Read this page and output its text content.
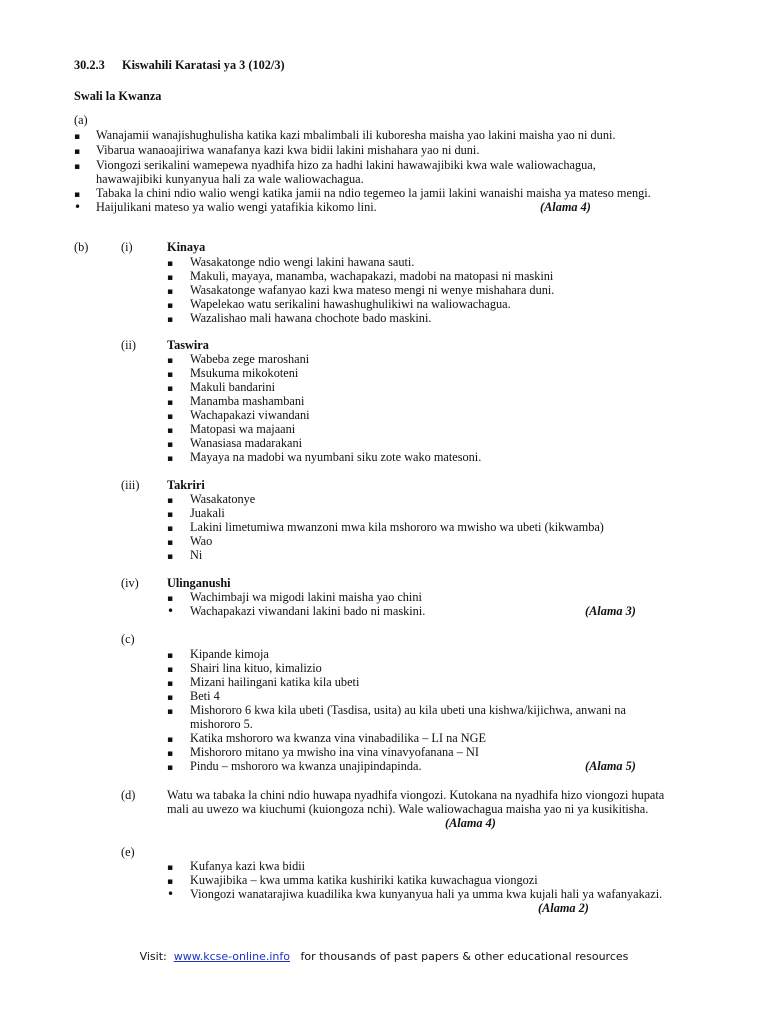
30.2.3 Kiswahili Karatasi ya 3 (102/3)
Swali la Kwanza
(a)
▪
Wanajamii wanajishughulisha katika kazi mbalimbali ili kuboresha maisha yao lakini maisha yao ni duni.
▪
Vibarua wanaoajiriwa wanafanya kazi kwa bidii lakini mishahara yao ni duni.
▪
Viongozi serikalini wamepewa nyadhifa hizo za hadhi lakini hawawajibiki kwa wale waliowachagua,
hawawajibiki kunyanyua hali za wale waliowachagua.
▪
Tabaka la chini ndio walio wengi katika jamii na ndio tegemeo la jamii lakini wanaishi maisha ya mateso mengi.
•
Haijulikani mateso ya walio wengi yatafikia kikomo lini.	(Alama 4)
(b)	(i)	Kinaya
▪
Wasakatonge ndio wengi lakini hawana sauti.
▪
Makuli, mayaya, manamba, wachapakazi, madobi na matopasi ni maskini
▪
Wasakatonge wafanyao kazi kwa mateso mengi ni wenye mishahara duni.
▪
Wapelekao watu serikalini hawashughulikiwi na waliowachagua.
▪
Wazalishao mali hawana chochote bado maskini.
(ii)	Taswira
▪
Wabeba zege maroshani
▪
Msukuma mikokoteni
▪
Makuli bandarini
▪
Manamba mashambani
▪
Wachapakazi viwandani
▪
Matopasi wa majaani
▪
Wanasiasa madarakani
▪
Mayaya na madobi wa nyumbani siku zote wako matesoni.
(iii) Takriri
▪
Wasakatonye
▪
Juakali
▪
Lakini limetumiwa mwanzoni mwa kila mshororo wa mwisho wa ubeti (kikwamba)
▪
Wao
▪
Ni
(iv) Ulinganushi
▪
Wachimbaji wa migodi lakini maisha yao chini
•
Wachapakazi viwandani lakini bado ni maskini.	(Alama 3)
(c)
▪
Kipande kimoja
▪
Shairi lina kituo, kimalizio
▪
Mizani hailingani katika kila ubeti
▪
Beti 4
▪
Mishororo 6 kwa kila ubeti (Tasdisa, usita) au kila ubeti una kishwa/kijichwa, anwani na
mishororo 5.
▪
Katika mshororo wa kwanza vina vinabadilika – LI na NGE
▪
Mishororo mitano ya mwisho ina vina vinavyofanana – NI
▪
Pindu – mshororo wa kwanza unajipindapinda.	(Alama 5)
(d)	Watu wa tabaka la chini ndio huwapa nyadhifa viongozi. Kutokana na nyadhifa hizo viongozi hupata
mali au uwezo wa kiuchumi (kuiongoza nchi). Wale waliowachagua maisha yao ni ya kusikitisha.
(Alama 4)
(e)
▪
Kufanya kazi kwa bidii
▪
Kuwajibika – kwa umma katika kushiriki katika kuwachagua viongozi
•
Viongozi wanatarajiwa kuadilika kwa kunyanyua hali ya umma kwa kujali hali ya wafanyakazi.
(Alama 2)
Visit:  www.kcse-online.info   for thousands of past papers & other educational resources
